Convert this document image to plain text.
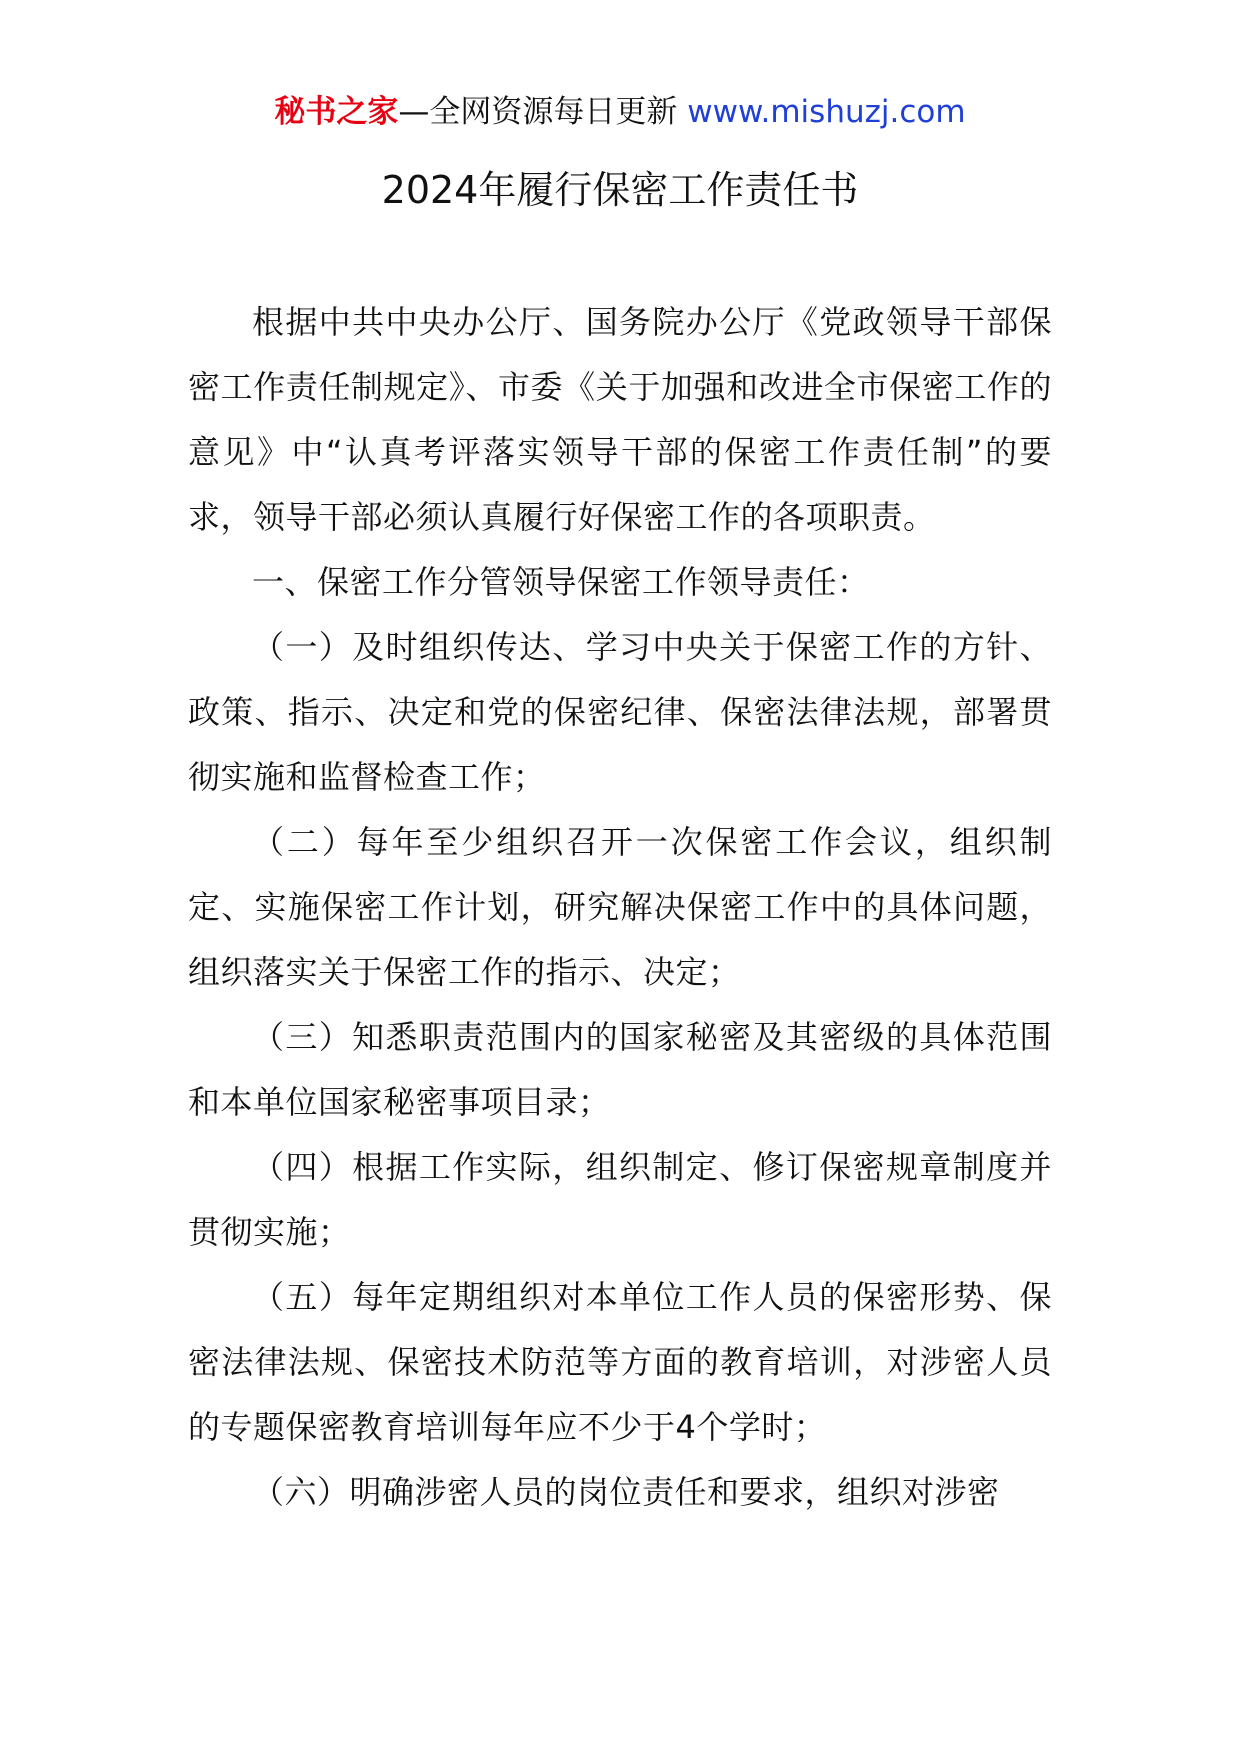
秘书之家—全网资源每日更新 www.mishuzj.com
2024年履行保密工作责任书

根据中共中央办公厅、国务院办公厅《党政领导干部保密工作责任制规定》、市委《关于加强和改进全市保密工作的意见》中“认真考评落实领导干部的保密工作责任制”的要求，领导干部必须认真履行好保密工作的各项职责。

一、保密工作分管领导保密工作领导责任：

（一）及时组织传达、学习中央关于保密工作的方针、政策、指示、决定和党的保密纪律、保密法律法规，部署贯彻实施和监督检查工作；

（二）每年至少组织召开一次保密工作会议，组织制定、实施保密工作计划，研究解决保密工作中的具体问题，组织落实关于保密工作的指示、决定；

（三）知悉职责范围内的国家秘密及其密级的具体范围和本单位国家秘密事项目录；

（四）根据工作实际，组织制定、修订保密规章制度并贯彻实施；

（五）每年定期组织对本单位工作人员的保密形势、保密法律法规、保密技术防范等方面的教育培训，对涉密人员的专题保密教育培训每年应不少于4个学时；

（六）明确涉密人员的岗位责任和要求，组织对涉密
